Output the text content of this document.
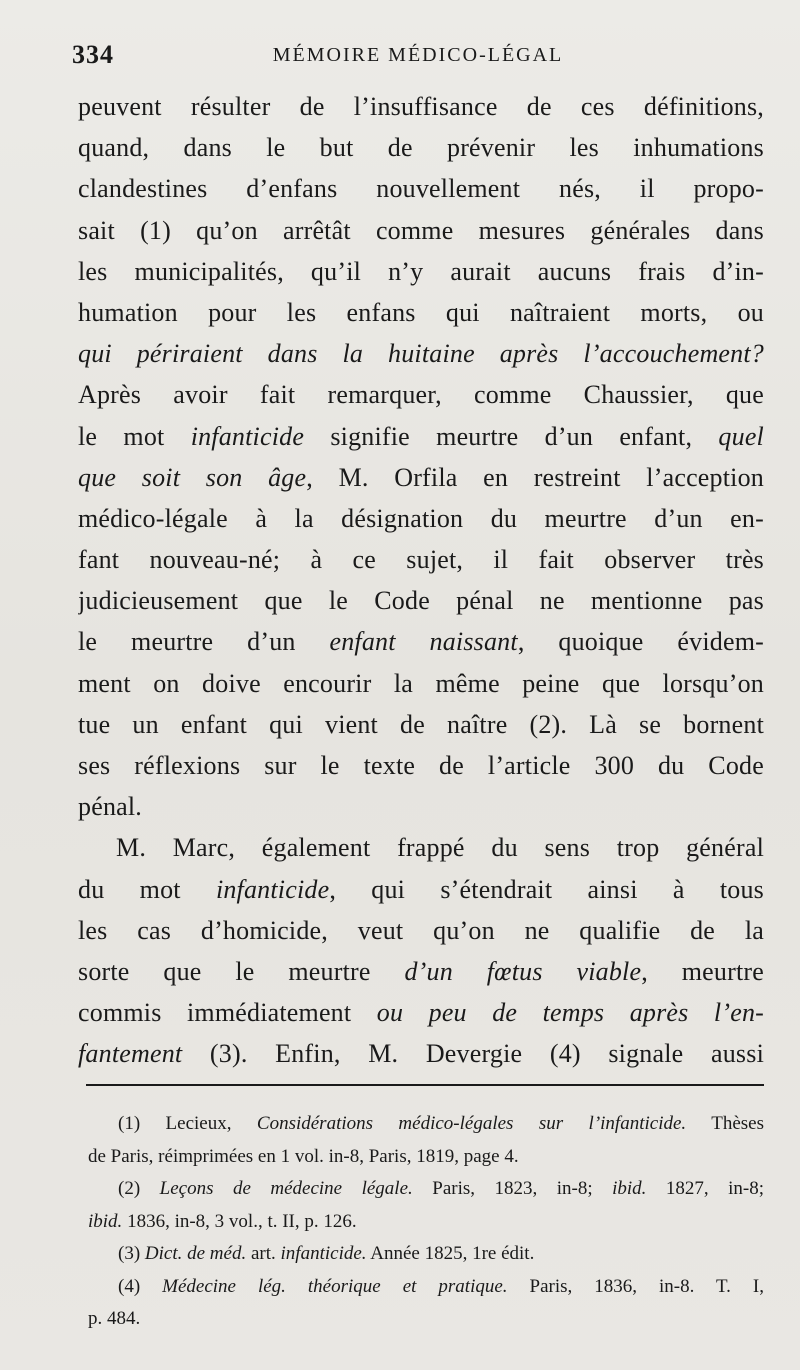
334	MÉMOIRE MÉDICO-LÉGAL
peuvent résulter de l’insuffisance de ces définitions,
quand, dans le but de prévenir les inhumations
clandestines d’enfans nouvellement nés, il propo-
sait (1) qu’on arrêtât comme mesures générales dans
les municipalités, qu’il n’y aurait aucuns frais d’in-
humation pour les enfans qui naîtraient morts, ou
qui périraient dans la huitaine après l’accouchement?
Après avoir fait remarquer, comme Chaussier, que
le mot infanticide signifie meurtre d’un enfant, quel
que soit son âge, M. Orfila en restreint l’acception
médico-légale à la désignation du meurtre d’un en-
fant nouveau-né; à ce sujet, il fait observer très
judicieusement que le Code pénal ne mentionne pas
le meurtre d’un enfant naissant, quoique évidem-
ment on doive encourir la même peine que lorsqu’on
tue un enfant qui vient de naître (2). Là se bornent
ses réflexions sur le texte de l’article 300 du Code
pénal.
M. Marc, également frappé du sens trop général
du mot infanticide, qui s’étendrait ainsi à tous
les cas d’homicide, veut qu’on ne qualifie de la
sorte que le meurtre d’un fœtus viable, meurtre
commis immédiatement ou peu de temps après l’en-
fantement (3). Enfin, M. Devergie (4) signale aussi
(1) Lecieux, Considérations médico-légales sur l’infanticide. Thèses
de Paris, réimprimées en 1 vol. in-8, Paris, 1819, page 4.
(2) Leçons de médecine légale. Paris, 1823, in-8; ibid. 1827, in-8;
ibid. 1836, in-8, 3 vol., t. II, p. 126.
(3) Dict. de méd. art. infanticide. Année 1825, 1re édit.
(4) Médecine lég. théorique et pratique. Paris, 1836, in-8. T. I,
p. 484.
